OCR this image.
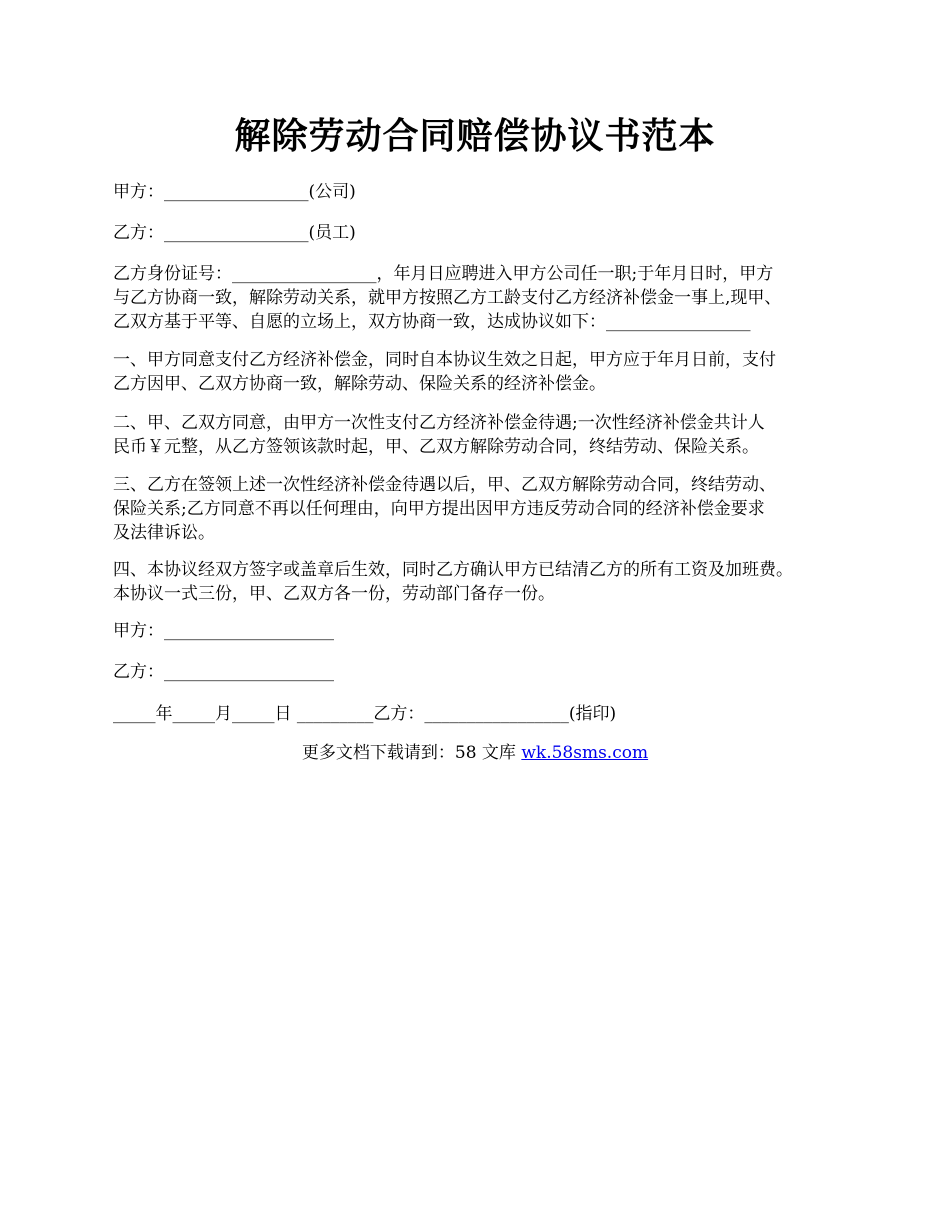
解除劳动合同赔偿协议书范本

甲方：_________________(公司)

乙方：_________________(员工)

乙方身份证号：_________________，年月日应聘进入甲方公司任一职;于年月日时，甲方
与乙方协商一致，解除劳动关系，就甲方按照乙方工龄支付乙方经济补偿金一事上,现甲、
乙双方基于平等、自愿的立场上，双方协商一致，达成协议如下：_________________

一、甲方同意支付乙方经济补偿金，同时自本协议生效之日起，甲方应于年月日前，支付
乙方因甲、乙双方协商一致，解除劳动、保险关系的经济补偿金。

二、甲、乙双方同意，由甲方一次性支付乙方经济补偿金待遇;一次性经济补偿金共计人
民币￥元整，从乙方签领该款时起，甲、乙双方解除劳动合同，终结劳动、保险关系。

三、乙方在签领上述一次性经济补偿金待遇以后，甲、乙双方解除劳动合同，终结劳动、
保险关系;乙方同意不再以任何理由，向甲方提出因甲方违反劳动合同的经济补偿金要求
及法律诉讼。

四、本协议经双方签字或盖章后生效，同时乙方确认甲方已结清乙方的所有工资及加班费。
本协议一式三份，甲、乙双方各一份，劳动部门备存一份。

甲方：____________________

乙方：____________________

_____年_____月_____日 _________乙方：_________________(指印)

更多文档下载请到：58 文库 wk.58sms.com
